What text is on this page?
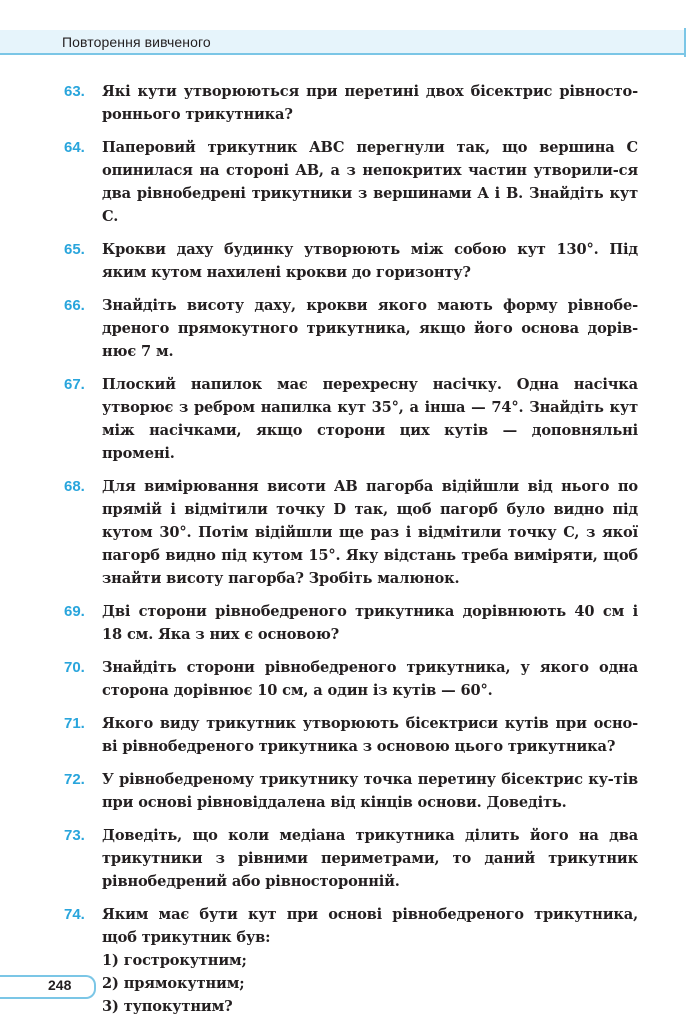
Повторення вивченого
63.	Які кути утворюються при перетині двох бісектрис рівносто-роннього трикутника?
64.	Паперовий трикутник ABC перегнули так, що вершина C опинилася на стороні AB, а з непокритих частин утворили-ся два рівнобедрені трикутники з вершинами A і B. Знайдіть кут C.
65.	Крокви даху будинку утворюють між собою кут 130°. Під яким кутом нахилені крокви до горизонту?
66.	Знайдіть висоту даху, крокви якого мають форму рівнобе-дреного прямокутного трикутника, якщо його основа дорів-нює 7 м.
67.	Плоский напилок має перехресну насічку. Одна насічка утворює з ребром напилка кут 35°, а інша — 74°. Знайдіть кут між насічками, якщо сторони цих кутів — доповняльні промені.
68.	Для вимірювання висоти AB пагорба відійшли від нього по прямій і відмітили точку D так, щоб пагорб було видно під кутом 30°. Потім відійшли ще раз і відмітили точку C, з якої пагорб видно під кутом 15°. Яку відстань треба виміряти, щоб знайти висоту пагорба? Зробіть малюнок.
69.	Дві сторони рівнобедреного трикутника дорівнюють 40 см і 18 см. Яка з них є основою?
70.	Знайдіть сторони рівнобедреного трикутника, у якого одна сторона дорівнює 10 см, а один із кутів — 60°.
71.	Якого виду трикутник утворюють бісектриси кутів при осно-ві рівнобедреного трикутника з основою цього трикутника?
72.	У рівнобедреному трикутнику точка перетину бісектрис ку-тів при основі рівновіддалена від кінців основи. Доведіть.
73.	Доведіть, що коли медіана трикутника ділить його на два трикутники з рівними периметрами, то даний трикутник рівнобедрений або рівносторонній.
74.	Яким має бути кут при основі рівнобедреного трикутника, щоб трикутник був:
1) гострокутним;
2) прямокутним;
3) тупокутним?
248
